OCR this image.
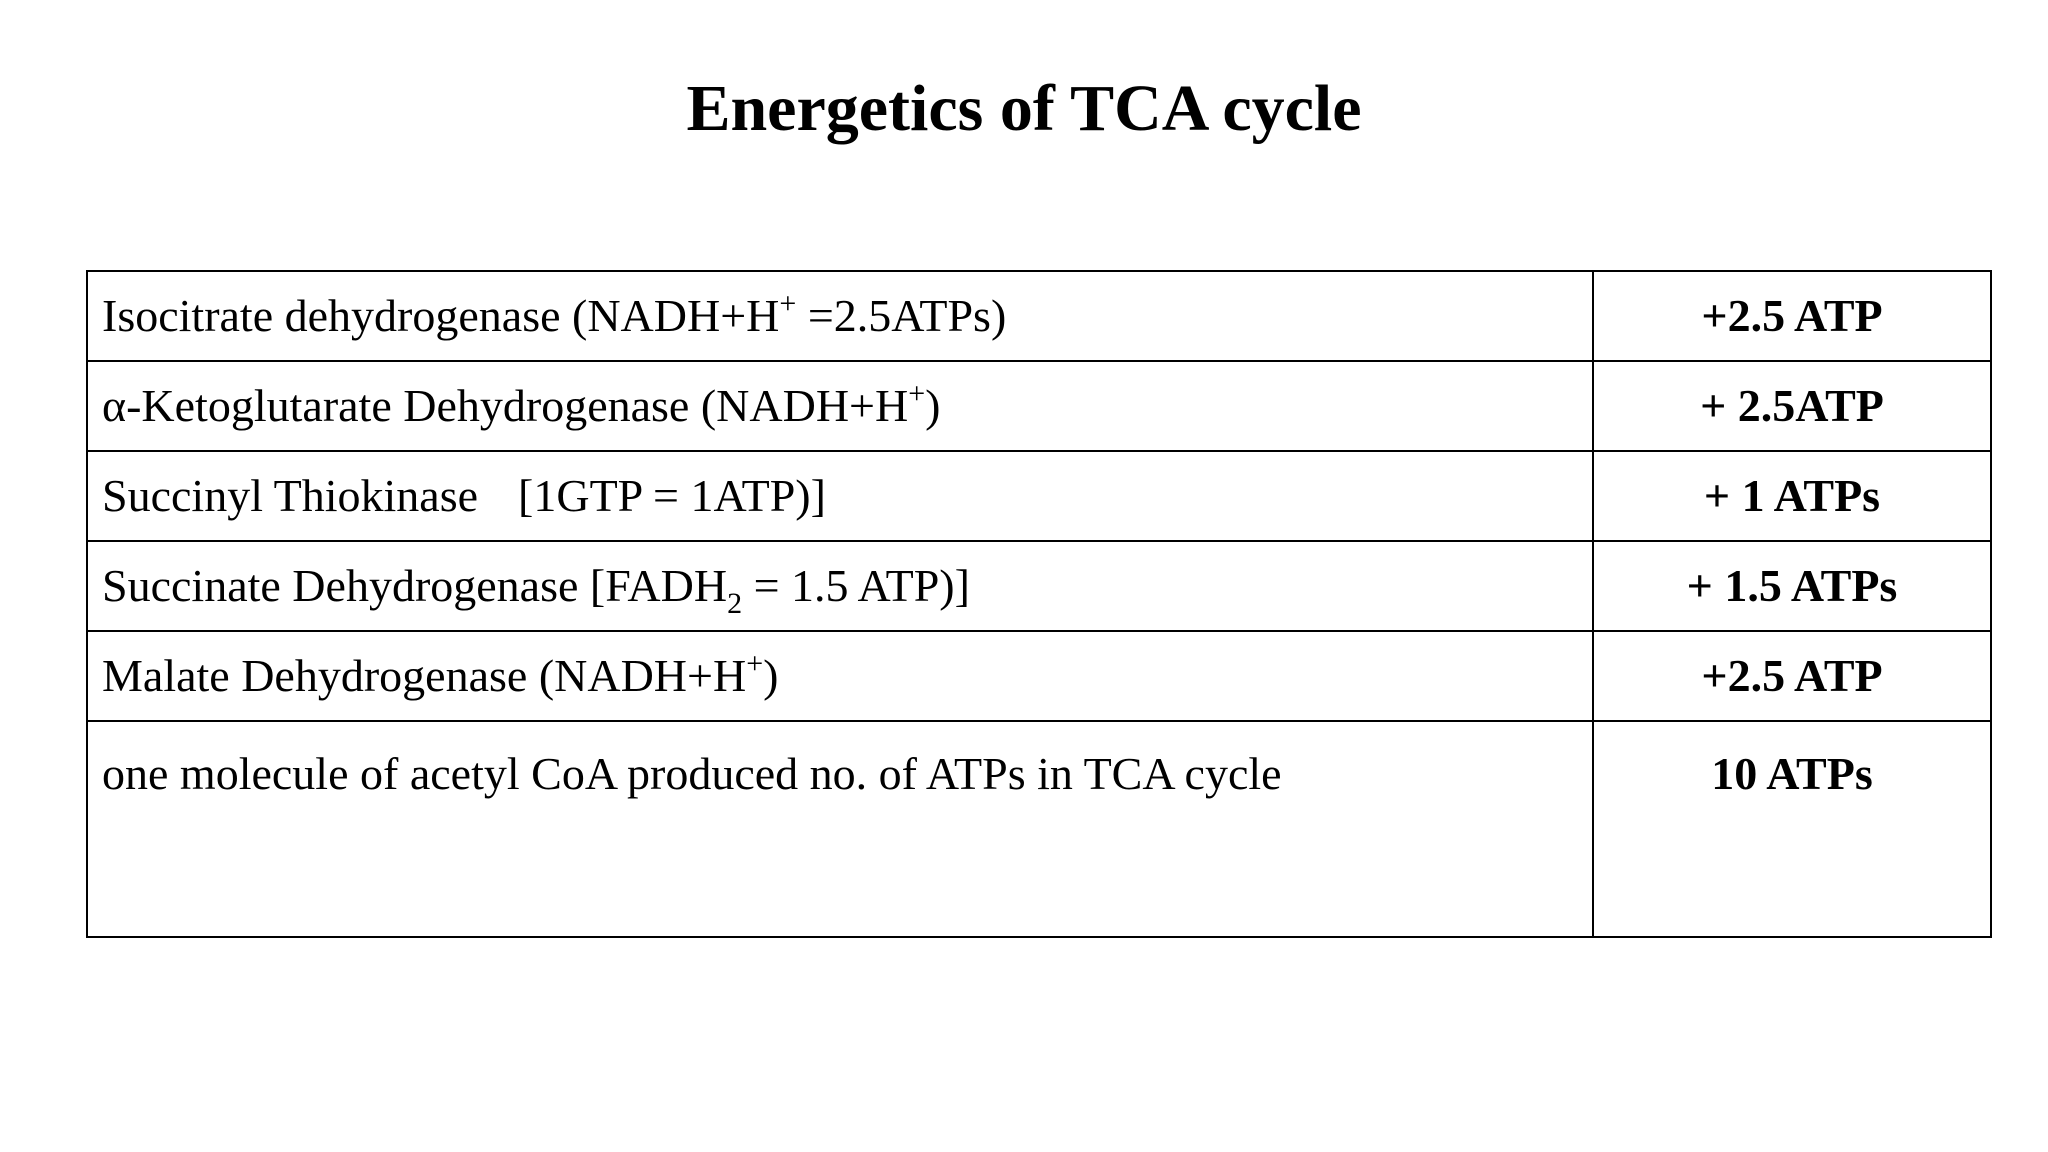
Energetics of TCA cycle
Isocitrate dehydrogenase (NADH+H+ =2.5ATPs)	+2.5 ATP
α-Ketoglutarate Dehydrogenase (NADH+H+)	+ 2.5ATP
Succinyl Thiokinase [1GTP = 1ATP)]	+ 1 ATPs
Succinate Dehydrogenase [$FADH_2 = 1.5$ ATP)]	+ 1.5 ATPs
Malate Dehydrogenase (NADH+H+)	+2.5 ATP
one molecule of acetyl CoA produced no. of ATPs in TCA cycle	10 ATPs
